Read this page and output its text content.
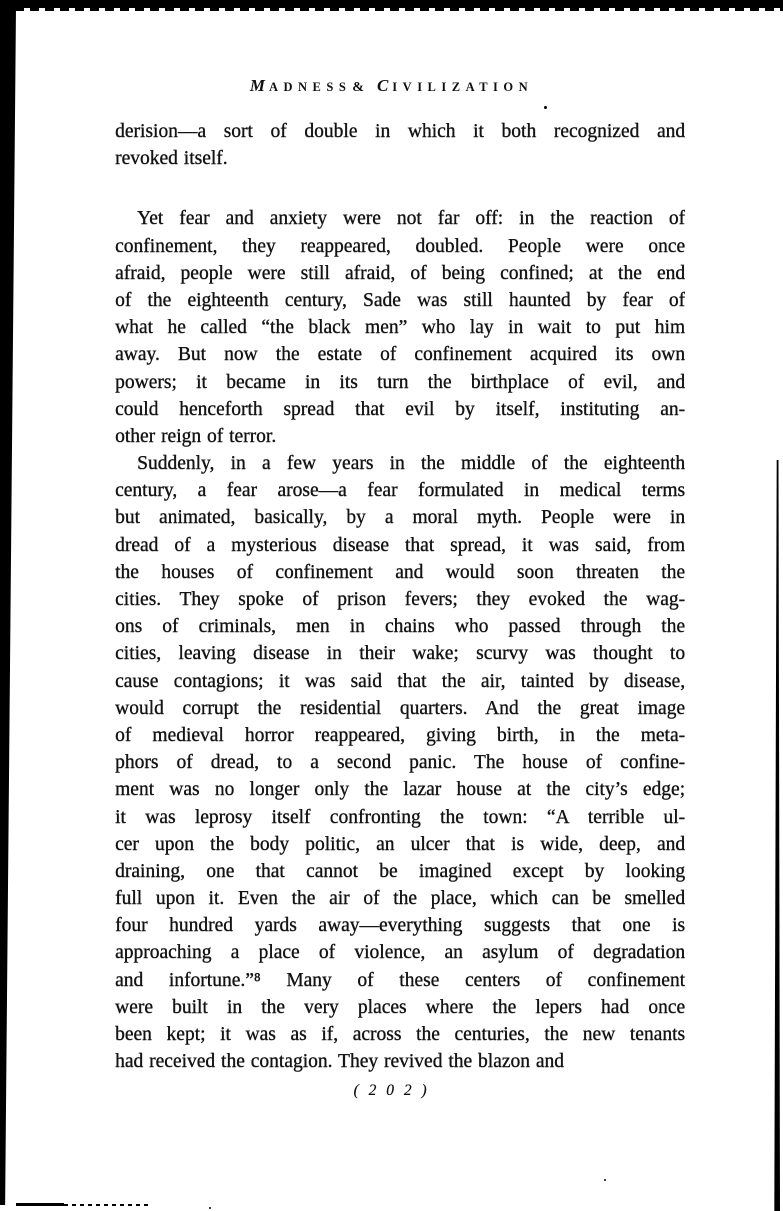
MADNESS& CIVILIZATION
derision—a sort of double in which it both recognized and
revoked itself.
Yet fear and anxiety were not far off: in the reaction of
confinement, they reappeared, doubled. People were once
afraid, people were still afraid, of being confined; at the end
of the eighteenth century, Sade was still haunted by fear of
what he called “the black men” who lay in wait to put him
away. But now the estate of confinement acquired its own
powers; it became in its turn the birthplace of evil, and
could henceforth spread that evil by itself, instituting an-
other reign of terror.
Suddenly, in a few years in the middle of the eighteenth
century, a fear arose—a fear formulated in medical terms
but animated, basically, by a moral myth. People were in
dread of a mysterious disease that spread, it was said, from
the houses of confinement and would soon threaten the
cities. They spoke of prison fevers; they evoked the wag-
ons of criminals, men in chains who passed through the
cities, leaving disease in their wake; scurvy was thought to
cause contagions; it was said that the air, tainted by disease,
would corrupt the residential quarters. And the great image
of medieval horror reappeared, giving birth, in the meta-
phors of dread, to a second panic. The house of confine-
ment was no longer only the lazar house at the city’s edge;
it was leprosy itself confronting the town: “A terrible ul-
cer upon the body politic, an ulcer that is wide, deep, and
draining, one that cannot be imagined except by looking
full upon it. Even the air of the place, which can be smelled
four hundred yards away—everything suggests that one is
approaching a place of violence, an asylum of degradation
and infortune.”⁸ Many of these centers of confinement
were built in the very places where the lepers had once
been kept; it was as if, across the centuries, the new tenants
had received the contagion. They revived the blazon and
( 2 0 2 )
